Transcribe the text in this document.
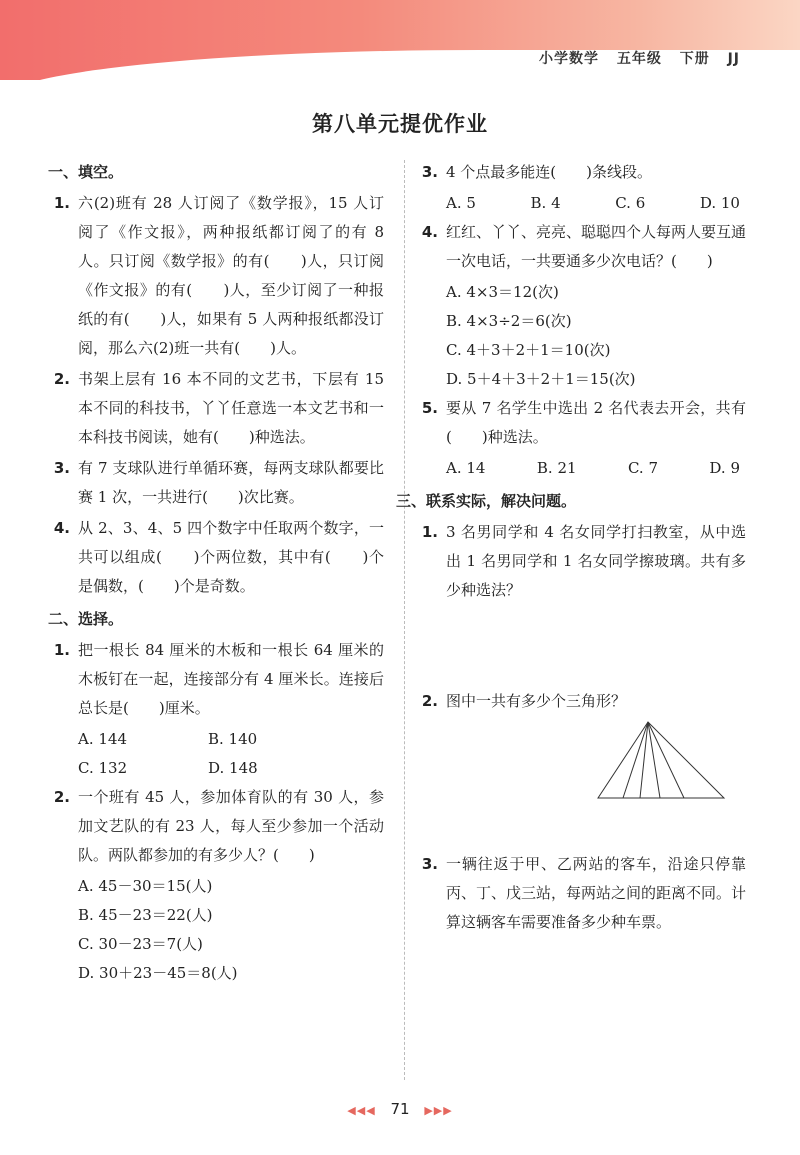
小学数学 五年级 下册 JJ
第八单元提优作业
一、填空。
1. 六(2)班有 28 人订阅了《数学报》，15 人订阅了《作文报》，两种报纸都订阅了的有 8 人。只订阅《数学报》的有(　　)人，只订阅《作文报》的有(　　)人，至少订阅了一种报纸的有(　　)人，如果有 5 人两种报纸都没订阅，那么六(2)班一共有(　　)人。
2. 书架上层有 16 本不同的文艺书，下层有 15 本不同的科技书，丫丫任意选一本文艺书和一本科技书阅读，她有(　　)种选法。
3. 有 7 支球队进行单循环赛，每两支球队都要比赛 1 次，一共进行(　　)次比赛。
4. 从 2、3、4、5 四个数字中任取两个数字，一共可以组成(　　)个两位数，其中有(　　)个是偶数，(　　)个是奇数。
二、选择。
1. 把一根长 84 厘米的木板和一根长 64 厘米的木板钉在一起，连接部分有 4 厘米长。连接后总长是(　　)厘米。
A. 144	B. 140
C. 132	D. 148
2. 一个班有 45 人，参加体育队的有 30 人，参加文艺队的有 23 人，每人至少参加一个活动队。两队都参加的有多少人？(　　)
A. 45－30＝15(人)
B. 45－23＝22(人)
C. 30－23＝7(人)
D. 30＋23－45＝8(人)
3. 4 个点最多能连(　　)条线段。
A. 5	B. 4	C. 6	D. 10
4. 红红、丫丫、亮亮、聪聪四个人每两人要互通一次电话，一共要通多少次电话？(　　)
A. 4×3＝12(次)
B. 4×3÷2＝6(次)
C. 4＋3＋2＋1＝10(次)
D. 5＋4＋3＋2＋1＝15(次)
5. 要从 7 名学生中选出 2 名代表去开会，共有(　　)种选法。
A. 14	B. 21	C. 7	D. 9
三、联系实际，解决问题。
1. 3 名男同学和 4 名女同学打扫教室，从中选出 1 名男同学和 1 名女同学擦玻璃。共有多少种选法？
2. 图中一共有多少个三角形？
3. 一辆往返于甲、乙两站的客车，沿途只停靠丙、丁、戊三站，每两站之间的距离不同。计算这辆客车需要准备多少种车票。
◀◀◀ 71 ▶▶▶
